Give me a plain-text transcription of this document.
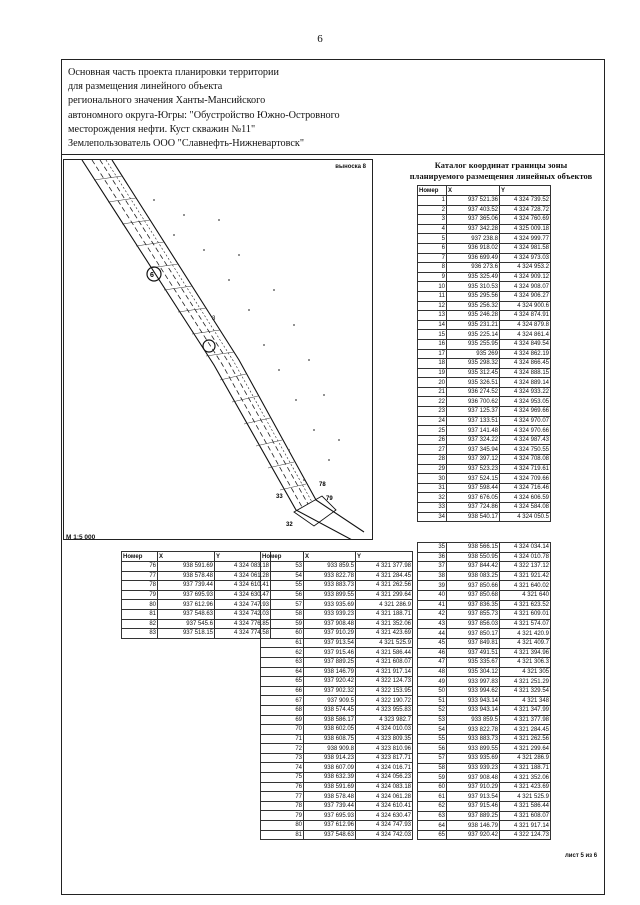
6
Основная часть проекта планировки территории
для размещения линейного объекта
регионального значения Ханты-Мансийского
автономного округа-Югры: "Обустройство Южно-Островного
месторождения нефти. Куст скважин №11"
Землепользователь ООО "Славнефть-Нижневартовск"
выноска 8
6
3
78
79
33
32
М 1:5 000
Каталог координат границы зоны
планируемого размещения линейных объектов
Номер	X	Y
1	937 521.36	4 324 739.52
2	937 403.52	4 324 728.72
3	937 365.06	4 324 760.69
4	937 342.28	4 325 009.18
5	937 238.8	4 324 999.77
6	936 918.02	4 324 981.58
7	936 699.49	4 324 973.03
8	936 273.6	4 324 953.2
9	935 325.49	4 324 909.12
10	935 310.53	4 324 908.07
11	935 295.56	4 324 906.27
12	935 256.32	4 324 900.6
13	935 246.28	4 324 874.91
14	935 231.21	4 324 879.8
15	935 225.14	4 324 861.4
16	935 255.95	4 324 849.54
17	935 269	4 324 862.19
18	935 298.32	4 324 866.45
19	935 312.45	4 324 888.15
20	935 326.51	4 324 889.14
21	936 274.52	4 324 933.22
22	936 700.62	4 324 953.05
23	937 125.37	4 324 969.66
24	937 133.51	4 324 970.07
25	937 141.48	4 324 970.66
26	937 324.22	4 324 987.43
27	937 345.94	4 324 750.55
28	937 397.12	4 324 708.08
29	937 523.23	4 324 719.61
30	937 524.15	4 324 709.66
31	937 598.44	4 324 716.46
32	937 676.05	4 324 606.59
33	937 724.86	4 324 584.08
34	938 540.17	4 324 050.5
35	938 566.15	4 324 034.14
36	938 550.95	4 324 010.78
37	937 844.42	4 322 137.12
38	938 083.25	4 321 921.42
39	937 850.66	4 321 640.02
40	937 850.68	4 321 640
41	937 836.35	4 321 623.52
42	937 855.73	4 321 609.01
43	937 856.03	4 321 574.07
44	937 850.17	4 321 420.9
45	937 849.81	4 321 409.7
46	937 491.51	4 321 394.96
47	935 335.67	4 321 306.3
48	935 304.12	4 321 305
49	933 997.83	4 321 251.29
50	933 994.62	4 321 329.54
51	933 943.14	4 321 348
52	933 943.14	4 321 347.99
53	933 859.5	4 321 377.98
54	933 822.78	4 321 284.45
55	933 883.73	4 321 262.56
56	933 899.55	4 321 299.64
57	933 935.69	4 321 286.9
58	933 939.23	4 321 188.71
59	937 908.48	4 321 352.06
60	937 910.29	4 321 423.69
61	937 913.54	4 321 525.9
62	937 915.46	4 321 586.44
63	937 889.25	4 321 608.07
64	938 146.79	4 321 917.14
65	937 920.42	4 322 124.73
Номер	X	Y
76	938 591.69	4 324 083.18
77	938 578.48	4 324 061.28
78	937 739.44	4 324 610.41
79	937 695.93	4 324 630.47
80	937 612.96	4 324 747.93
81	937 548.63	4 324 742.03
82	937 545.6	4 324 776.85
83	937 518.15	4 324 774.58
Номер	X	Y
53	933 859.5	4 321 377.98
54	933 822.78	4 321 284.45
55	933 883.73	4 321 262.56
56	933 899.55	4 321 299.64
57	933 935.69	4 321 286.9
58	933 939.23	4 321 188.71
59	937 908.48	4 321 352.06
60	937 910.29	4 321 423.69
61	937 913.54	4 321 525.9
62	937 915.46	4 321 586.44
63	937 889.25	4 321 608.07
64	938 146.79	4 321 917.14
65	937 920.42	4 322 124.73
66	937 902.32	4 322 153.95
67	937 909.5	4 322 190.72
68	938 574.45	4 323 955.83
69	938 586.17	4 323 982.7
70	938 602.05	4 324 010.03
71	938 608.75	4 323 809.35
72	938 909.8	4 323 810.96
73	938 914.23	4 323 817.71
74	938 607.09	4 324 016.71
75	938 632.39	4 324 056.23
76	938 591.69	4 324 083.18
77	938 578.48	4 324 061.28
78	937 739.44	4 324 610.41
79	937 695.93	4 324 630.47
80	937 612.96	4 324 747.93
81	937 548.63	4 324 742.03
лист 5 из 6
